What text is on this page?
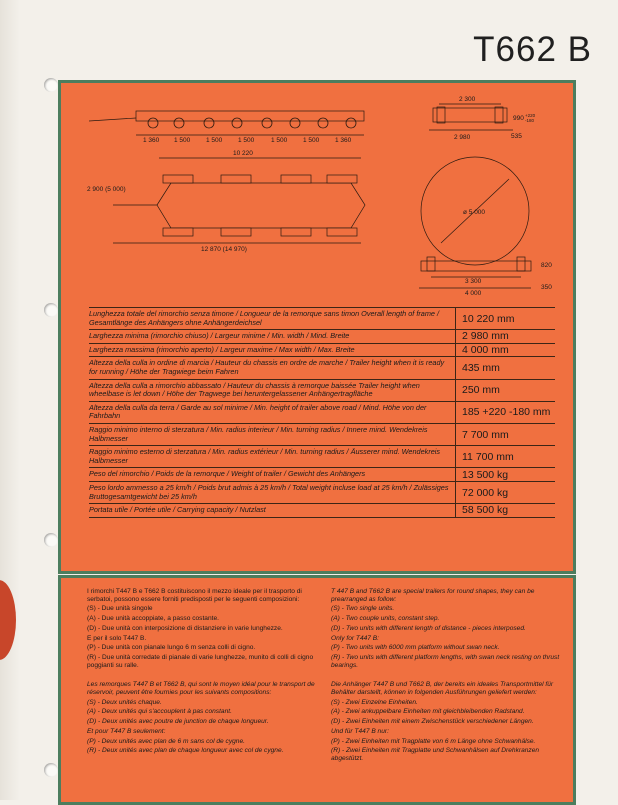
T662 B
1 360 1 500 1 500 1 500	1 500 1 500 1 360
2 300
2 980
990 +220
-180
535
10 220
2 900 (5 000)
12 870 (14 970)
ø 5 000
3 300
4 000
820
350
Lunghezza totale del rimorchio senza timone / Longueur de la remorque sans timon Overall length of frame / Gesamtlänge des Anhängers ohne Anhängerdeichsel	10 220 mm
Larghezza minima (rimorchio chiuso) / Largeur minime / Min. width / Mind. Breite	2 980 mm
Larghezza massima (rimorchio aperto) / Largeur maxime / Max width / Max. Breite	4 000 mm
Altezza della culla in ordine di marcia / Hauteur du chassis en ordre de marche / Trailer height when it is ready for running / Höhe der Tragwiege beim Fahren	435 mm
Altezza della culla a rimorchio abbassato / Hauteur du chassis à remorque baissée Trailer height when wheelbase is let down / Höhe der Tragwege bei heruntergelassener Anhängertragfläche	250 mm
Altezza della culla da terra / Garde au sol minime / Min. height of trailer above road / Mind. Höhe von der Fahrbahn	185 +220 -180 mm
Raggio minimo interno di sterzatura / Min. radius interieur / Min. turning radius / Innere mind. Wendekreis Halbmesser	7 700 mm
Raggio minimo esterno di sterzatura / Min. radius extérieur / Min. turning radius / Äusserer mind. Wendekreis Halbmesser	11 700 mm
Peso del rimorchio / Poids de la remorque / Weight of trailer / Gewicht des Anhängers	13 500 kg
Peso lordo ammesso a 25 km/h / Poids brut admis à 25 km/h / Total weight incluse load at 25 km/h / Zulässiges Bruttogesamtgewicht bei 25 km/h	72 000 kg
Portata utile / Portée utile / Carrying capacity / Nutzlast	58 500 kg

I rimorchi T447 B e T662 B costituiscono il mezzo ideale per il trasporto di serbatoi, possono essere forniti predisposti per le seguenti composizioni:

(S) - Due unità singole

(A) - Due unità accoppiate, a passo costante.

(D) - Due unità con interposizione di distanziere in varie lunghezze.

E per il solo T447 B.

(P) - Due unità con pianale lungo 6 m senza colli di cigno.

(R) - Due unità corredate di pianale di varie lunghezze, munito di colli di cigno poggianti su ralle.

Les remorques T447 B et T662 B, qui sont le moyen idéal pour le transport de réservoir, peuvent être fournies pour les suivants compositions:

(S) - Deux unités chaque.

(A) - Deux unités qui s'accouplent à pas constant.

(D) - Deux unités avec poutre de junction de chaque longueur.

Et pour T447 B seulement:

(P) - Deux unités avec plan de 6 m sans col de cygne.

(R) - Deux unités avec plan de chaque longueur avec col de cygne.

T 447 B and T662 B are special trailers for round shapes, they can be prearranged as follow:

(S) - Two single units.

(A) - Two couple units, constant step.

(D) - Two units with different length of distance - pieces interposed.

Only for T447 B:

(P) - Two units with 6000 mm platform without swan neck.

(R) - Two units with different platform lengths, with swan neck resting on thrust bearings.

Die Anhänger T447 B und T662 B, der bereits ein ideales Transportmittel für Behälter darstellt, können in folgenden Ausführungen geliefert werden:

(S) - Zwei Einzelne Einheiten.

(A) - Zwei ankuppelbare Einheiten mit gleichbleibenden Radstand.

(D) - Zwei Einheiten mit einem Zwischenstück verschiedener Längen.

Und für T447 B nur:

(P) - Zwei Einheiten mit Tragplatte von 6 m Länge ohne Schwanhälse.

(R) - Zwei Einheiten mit Tragplatte und Schwanhälsen auf Drehkranzen abgestützt.
